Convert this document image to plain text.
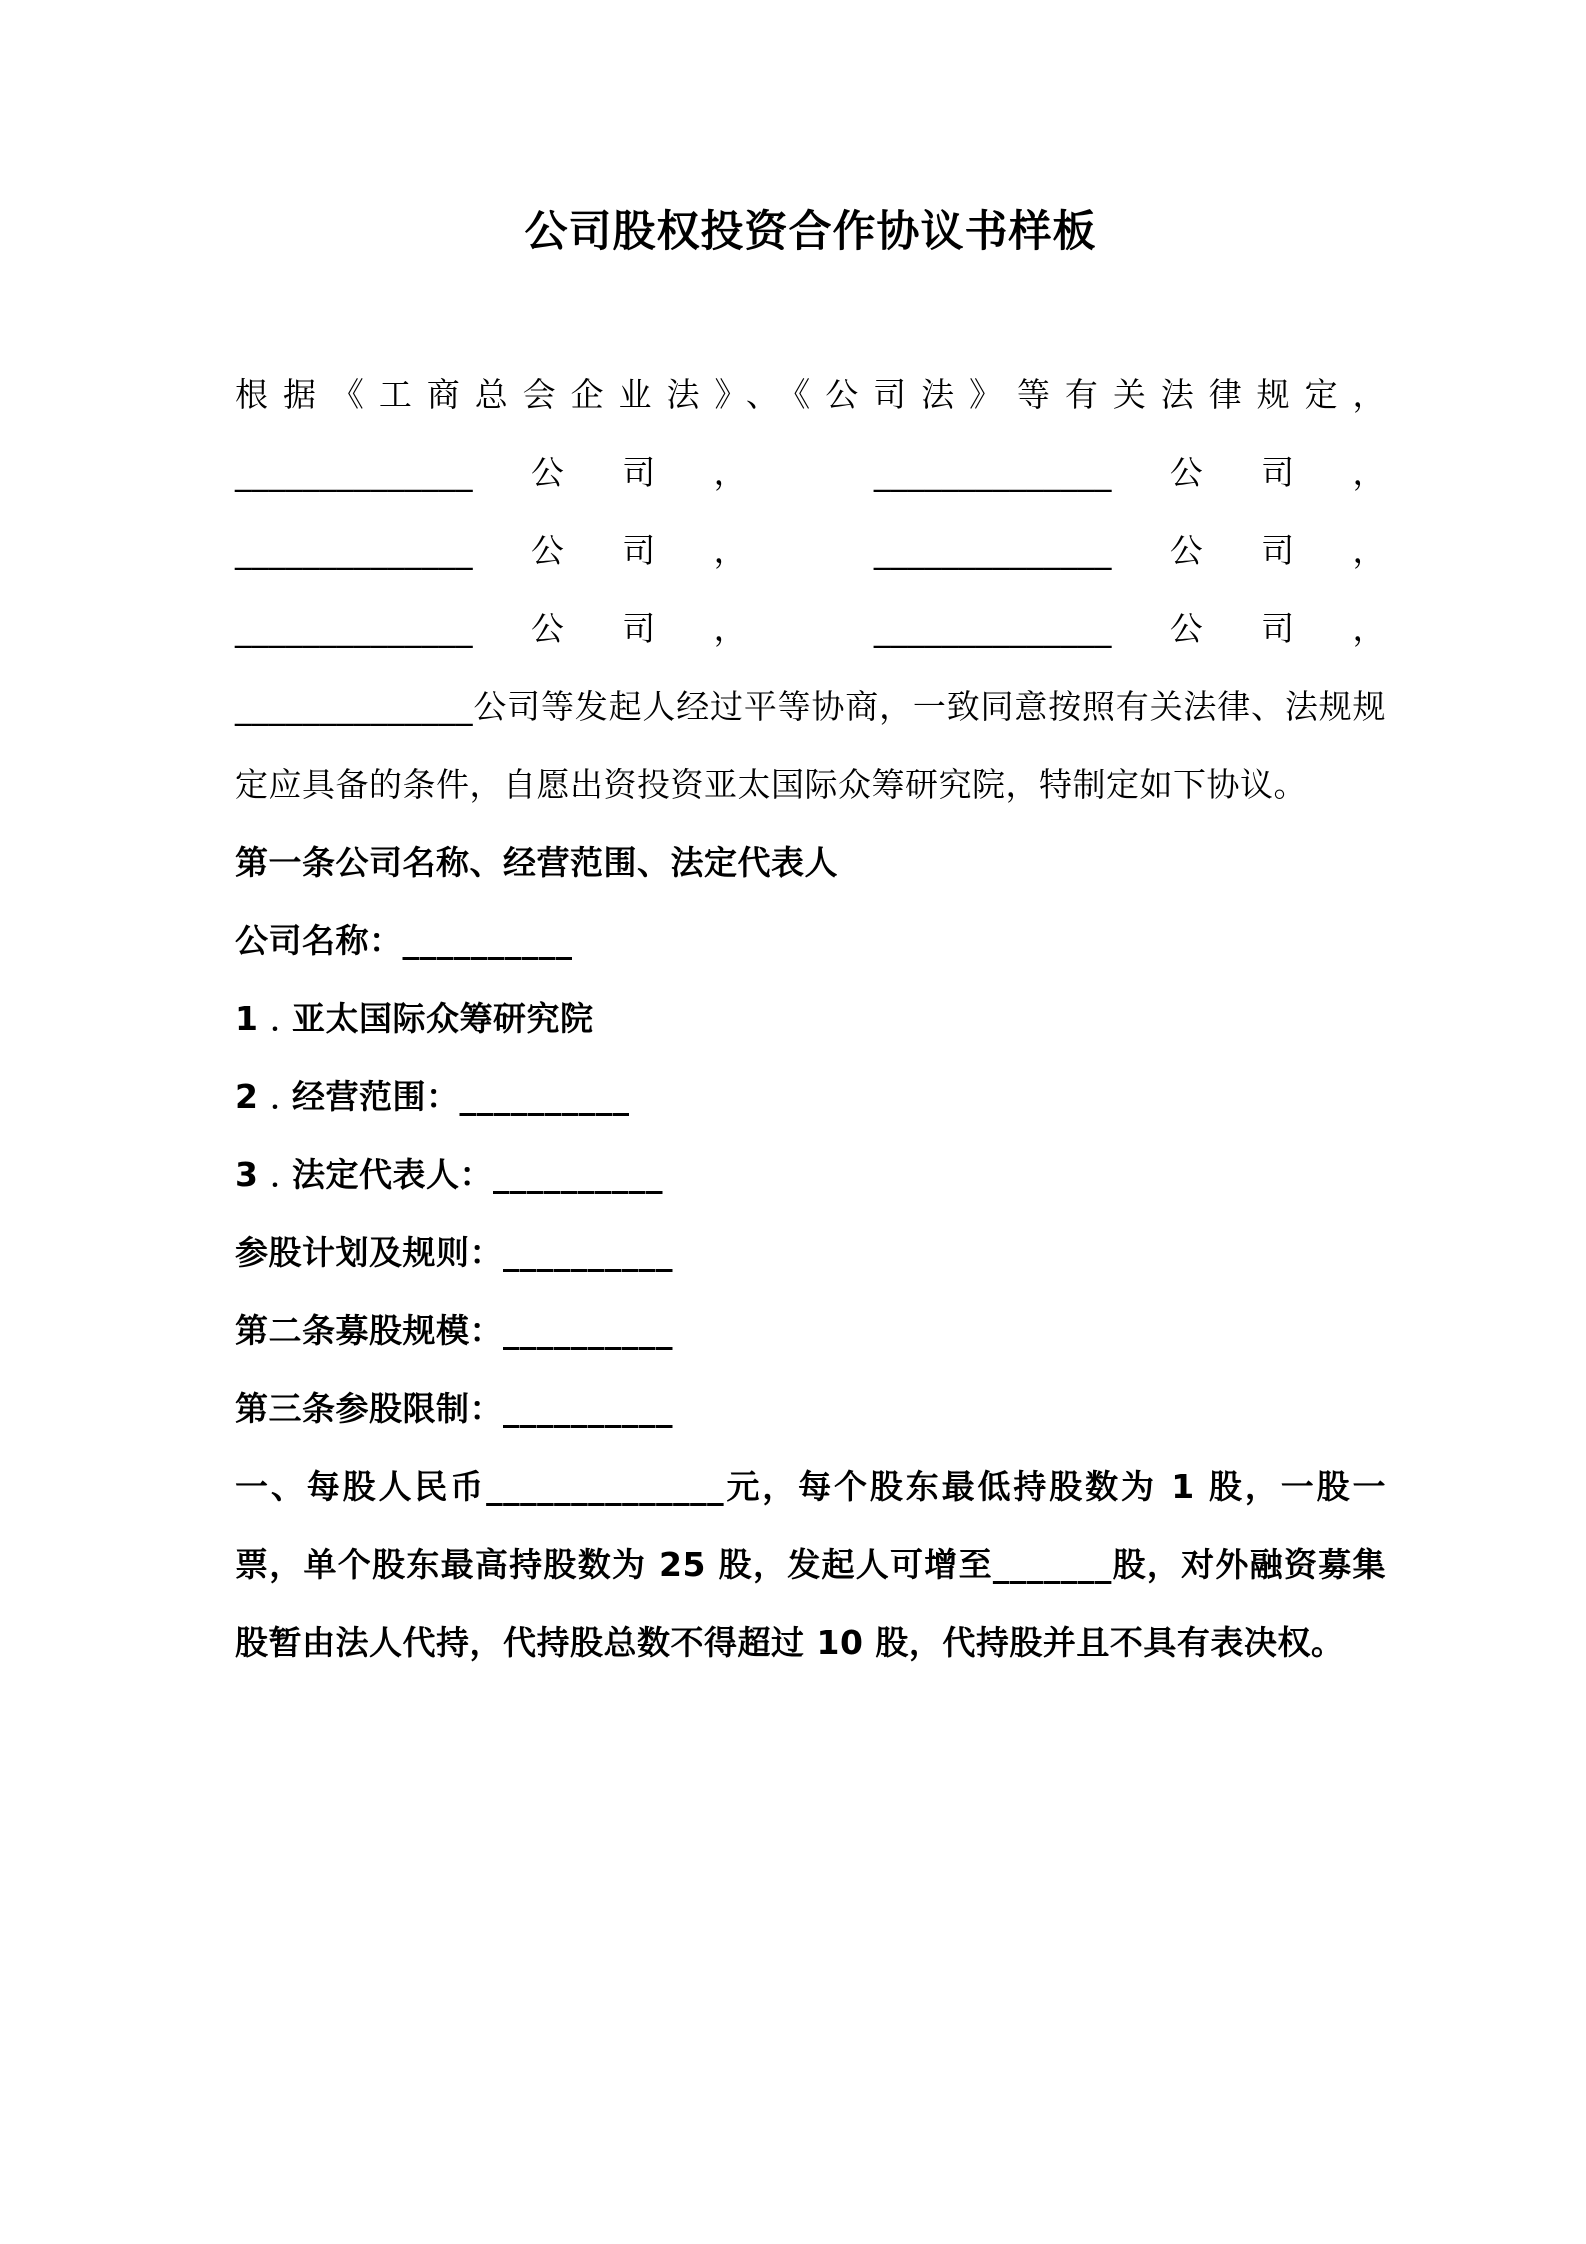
公司股权投资合作协议书样板

根据《工商总会企业法》、《公司法》等有关法律规定，

______________公司， ______________公司，

______________公司， ______________公司，

______________公司， ______________公司，

______________公司等发起人经过平等协商，一致同意按照有关法律、法规规定应具备的条件，自愿出资投资亚太国际众筹研究院，特制定如下协议。

第一条公司名称、经营范围、法定代表人

公司名称：__________

1﹒亚太国际众筹研究院

2﹒经营范围：__________

3﹒法定代表人：__________

参股计划及规则：__________

第二条募股规模：__________

第三条参股限制：__________

一、每股人民币______________元，每个股东最低持股数为 1 股，一股一票，单个股东最高持股数为 25 股，发起人可增至_______股，对外融资募集股暂由法人代持，代持股总数不得超过 10 股，代持股并且不具有表决权。
